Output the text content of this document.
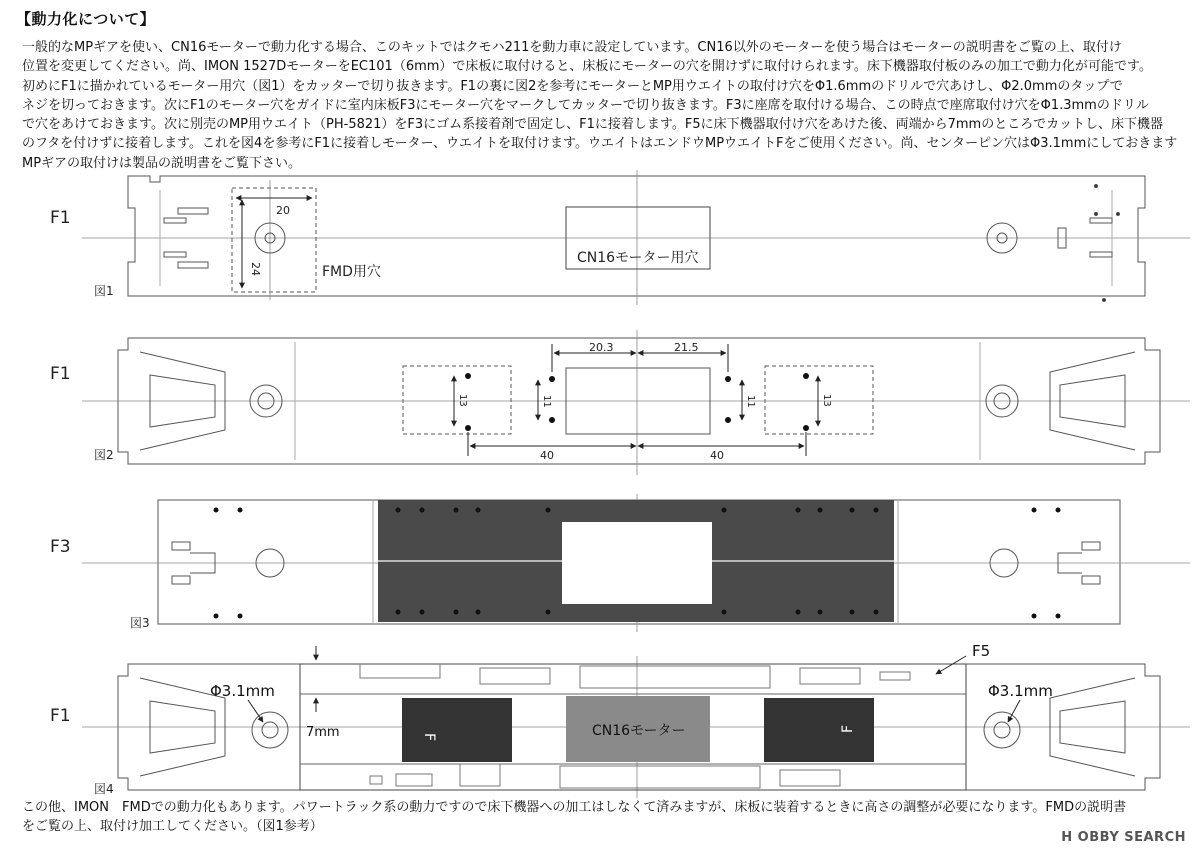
【動力化について】
一般的なMPギアを使い、CN16モーターで動力化する場合、このキットではクモハ211を動力車に設定しています。CN16以外のモーターを使う場合はモーターの説明書をご覧の上、取付け
位置を変更してください。尚、IMON 1527DモーターをEC101（6mm）で床板に取付けると、床板にモーターの穴を開けずに取付けられます。床下機器取付板のみの加工で動力化が可能です。
初めにF1に描かれているモーター用穴（図1）をカッターで切り抜きます。F1の裏に図2を参考にモーターとMP用ウエイトの取付け穴をΦ1.6mmのドリルで穴あけし、Φ2.0mmのタップで
ネジを切っておきます。次にF1のモーター穴をガイドに室内床板F3にモーター穴をマークしてカッターで切り抜きます。F3に座席を取付ける場合、この時点で座席取付け穴をΦ1.3mmのドリル
で穴をあけておきます。次に別売のMP用ウエイト（PH-5821）をF3にゴム系接着剤で固定し、F1に接着します。F5に床下機器取付け穴をあけた後、両端から7mmのところでカットし、床下機器
のフタを付けずに接着します。これを図4を参考にF1に接着しモーター、ウエイトを取付けます。ウエイトはエンドウMPウエイトFをご使用ください。尚、センターピン穴はΦ3.1mmにしておきます
MPギアの取付けは製品の説明書をご覧下さい。
F1
図1
F1
図2
F3
図3
F1
図4
20
24	FMD用穴
CN16モーター用穴
20.3	21.5
11	11
13	13
40	40
F
F
CN16モーター
Φ3.1mm	Φ3.1mm
7mm
F5
この他、IMON　FMDでの動力化もあります。パワートラック系の動力ですので床下機器への加工はしなくて済みますが、床板に装着するときに高さの調整が必要になります。FMDの説明書
をご覧の上、取付け加工してください。（図1参考）
H OBBY SEARCH
